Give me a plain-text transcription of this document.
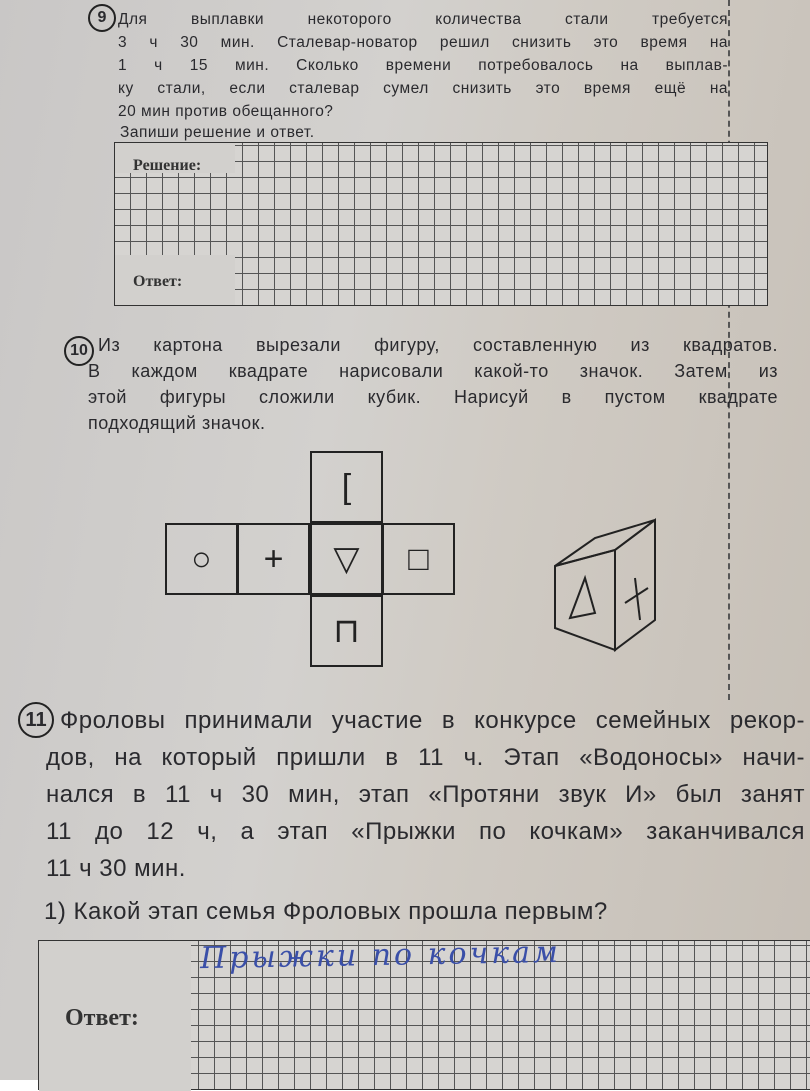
9 Для выплавки некоторого количества стали требуется
3 ч 30 мин. Сталевар-новатор решил снизить это время на
1 ч 15 мин. Сколько времени потребовалось на выплав-
ку стали, если сталевар сумел снизить это время ещё на
20 мин против обещанного?
Запиши решение и ответ.
Решение:
Ответ:
10 Из картона вырезали фигуру, составленную из квадратов.
В каждом квадрате нарисовали какой-то значок. Затем из
этой фигуры сложили кубик. Нарисуй в пустом квадрате
подходящий значок.
[
○	+	▽	□
⊓
11 Фроловы принимали участие в конкурсе семейных рекор-
дов, на который пришли в 11 ч. Этап «Водоносы» начи-
нался в 11 ч 30 мин, этап «Протяни звук И» был занят
11 до 12 ч, а этап «Прыжки по кочкам» заканчивался
11 ч 30 мин.
1) Какой этап семья Фроловых прошла первым?
Ответ:
Прыжки по кочкам
